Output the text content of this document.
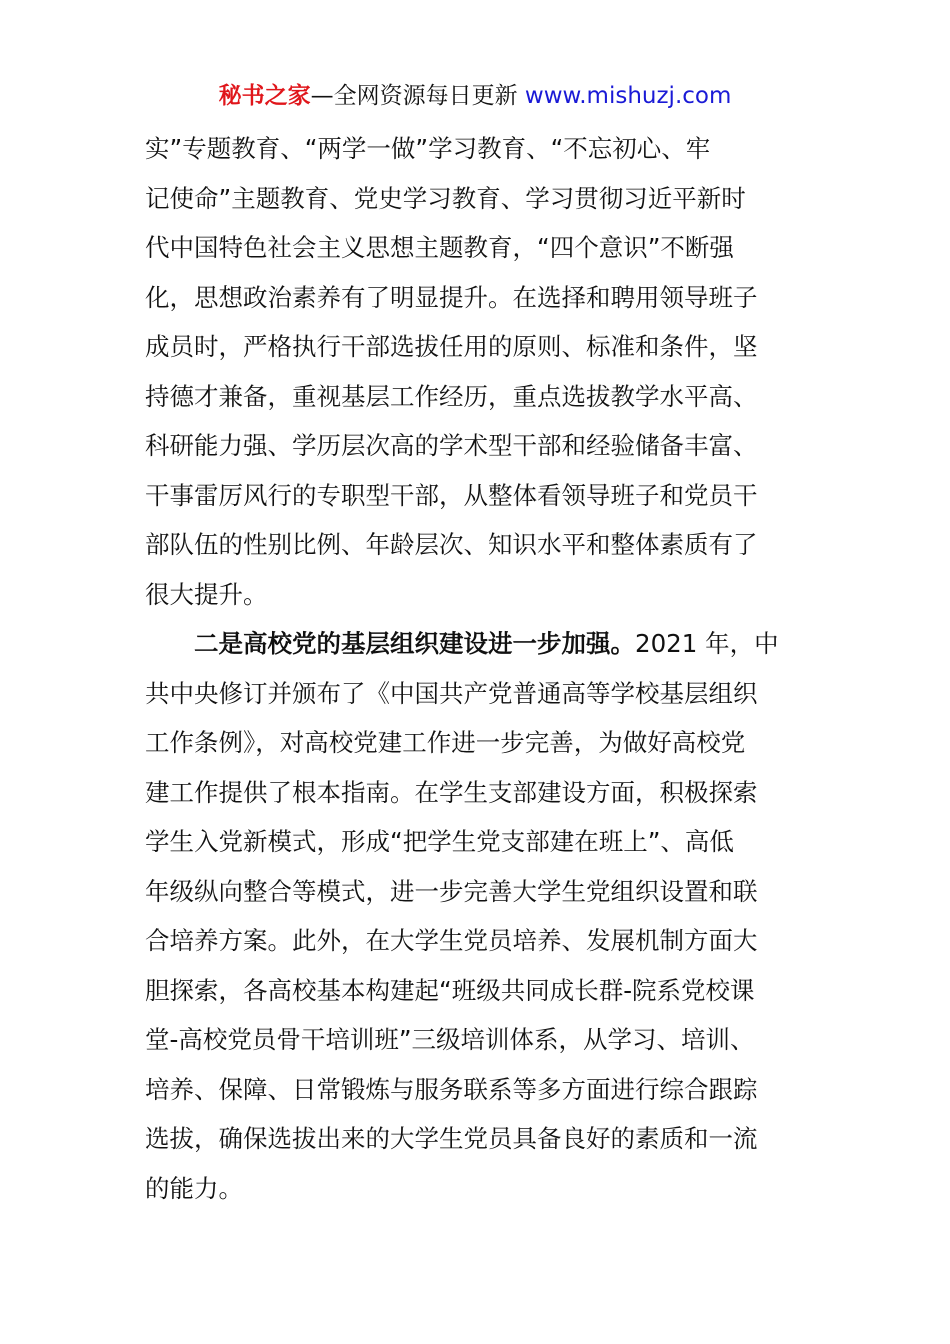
秘书之家—全网资源每日更新 www.mishuzj.com
实”专题教育、“两学一做”学习教育、“不忘初心、牢
记使命”主题教育、党史学习教育、学习贯彻习近平新时
代中国特色社会主义思想主题教育，“四个意识”不断强
化，思想政治素养有了明显提升。在选择和聘用领导班子
成员时，严格执行干部选拔任用的原则、标准和条件，坚
持德才兼备，重视基层工作经历，重点选拔教学水平高、
科研能力强、学历层次高的学术型干部和经验储备丰富、
干事雷厉风行的专职型干部，从整体看领导班子和党员干
部队伍的性别比例、年龄层次、知识水平和整体素质有了
很大提升。
二是高校党的基层组织建设进一步加强。2021 年，中
共中央修订并颁布了《中国共产党普通高等学校基层组织
工作条例》，对高校党建工作进一步完善，为做好高校党
建工作提供了根本指南。在学生支部建设方面，积极探索
学生入党新模式，形成“把学生党支部建在班上”、高低
年级纵向整合等模式，进一步完善大学生党组织设置和联
合培养方案。此外，在大学生党员培养、发展机制方面大
胆探索，各高校基本构建起“班级共同成长群-院系党校课
堂-高校党员骨干培训班”三级培训体系，从学习、培训、
培养、保障、日常锻炼与服务联系等多方面进行综合跟踪
选拔，确保选拔出来的大学生党员具备良好的素质和一流
的能力。
